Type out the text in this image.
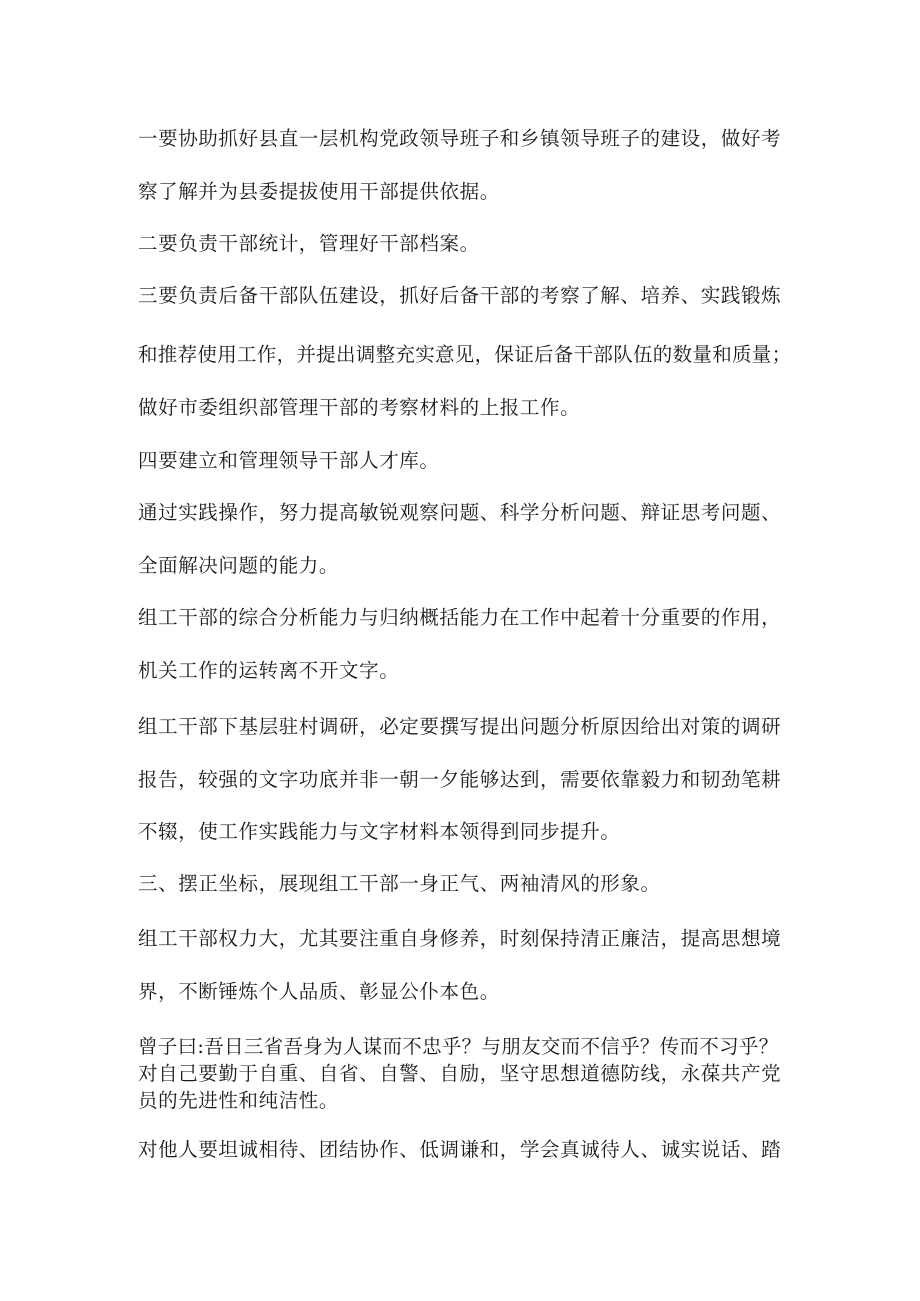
一要协助抓好县直一层机构党政领导班子和乡镇领导班子的建设，做好考
察了解并为县委提拔使用干部提供依据。
二要负责干部统计，管理好干部档案。
三要负责后备干部队伍建设，抓好后备干部的考察了解、培养、实践锻炼
和推荐使用工作，并提出调整充实意见，保证后备干部队伍的数量和质量；
做好市委组织部管理干部的考察材料的上报工作。
四要建立和管理领导干部人才库。
通过实践操作，努力提高敏锐观察问题、科学分析问题、辩证思考问题、
全面解决问题的能力。
组工干部的综合分析能力与归纳概括能力在工作中起着十分重要的作用，
机关工作的运转离不开文字。
组工干部下基层驻村调研，必定要撰写提出问题分析原因给出对策的调研
报告，较强的文字功底并非一朝一夕能够达到，需要依靠毅力和韧劲笔耕
不辍，使工作实践能力与文字材料本领得到同步提升。
三、摆正坐标，展现组工干部一身正气、两袖清风的形象。
组工干部权力大，尤其要注重自身修养，时刻保持清正廉洁，提高思想境
界，不断锤炼个人品质、彰显公仆本色。
曾子曰:吾日三省吾身为人谋而不忠乎？与朋友交而不信乎？传而不习乎？
对自己要勤于自重、自省、自警、自励，坚守思想道德防线，永葆共产党
员的先进性和纯洁性。
对他人要坦诚相待、团结协作、低调谦和，学会真诚待人、诚实说话、踏
